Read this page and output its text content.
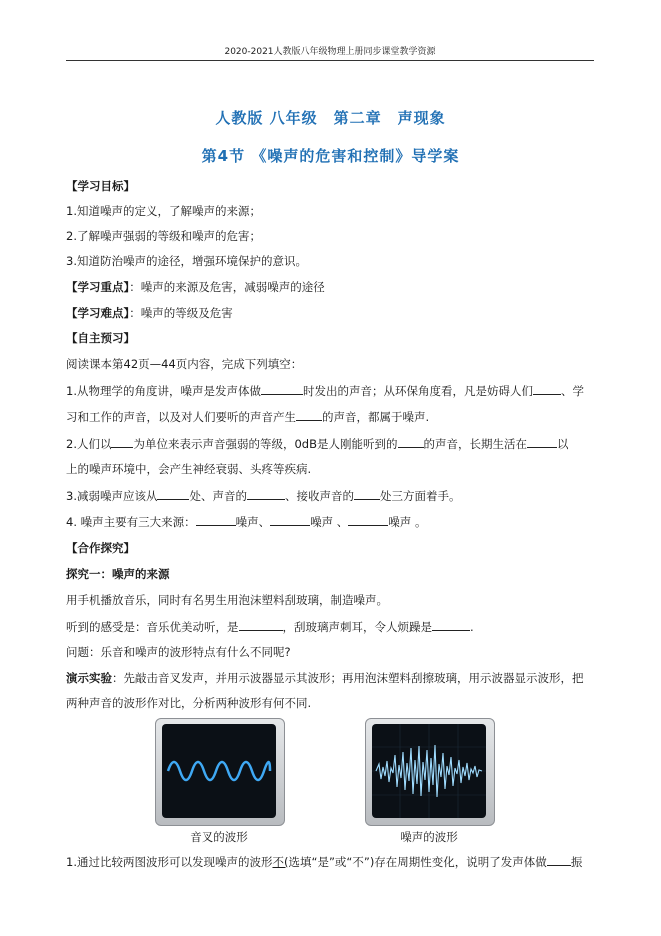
2020-2021人教版八年级物理上册同步课堂教学资源
人教版 八年级　第二章　声现象
第4节 《噪声的危害和控制》导学案
【学习目标】
1.知道噪声的定义，了解噪声的来源；
2.了解噪声强弱的等级和噪声的危害；
3.知道防治噪声的途径，增强环境保护的意识。
【学习重点】：噪声的来源及危害，减弱噪声的途径
【学习难点】：噪声的等级及危害
【自主预习】
阅读课本第42页—44页内容，完成下列填空：
1.从物理学的角度讲，噪声是发声体做	时发出的声音；从环保角度看，凡是妨碍人们 、学
习和工作的声音，以及对人们要听的声音产生 的声音，都属于噪声.
2.人们以 为单位来表示声音强弱的等级，0dB是人刚能听到的 的声音，长期生活在	以
上的噪声环境中，会产生神经衰弱、头疼等疾病.
3.减弱噪声应该从	处、声音的	、接收声音的 处三方面着手。
4. 噪声主要有三大来源：	噪声、	噪声 、	噪声 。
【合作探究】
探究一：噪声的来源
用手机播放音乐，同时有名男生用泡沫塑料刮玻璃，制造噪声。
听到的感受是：音乐优美动听，是	，刮玻璃声刺耳，令人烦躁是	.
问题：乐音和噪声的波形特点有什么不同呢?
演示实验：先敲击音叉发声，并用示波器显示其波形；再用泡沫塑料刮擦玻璃，用示波器显示波形，把
两种声音的波形作对比，分析两种波形有何不同.
音叉的波形	噪声的波形
1.通过比较两图波形可以发现噪声的波形不(选填“是”或“不”)存在周期性变化，说明了发声体做 振
